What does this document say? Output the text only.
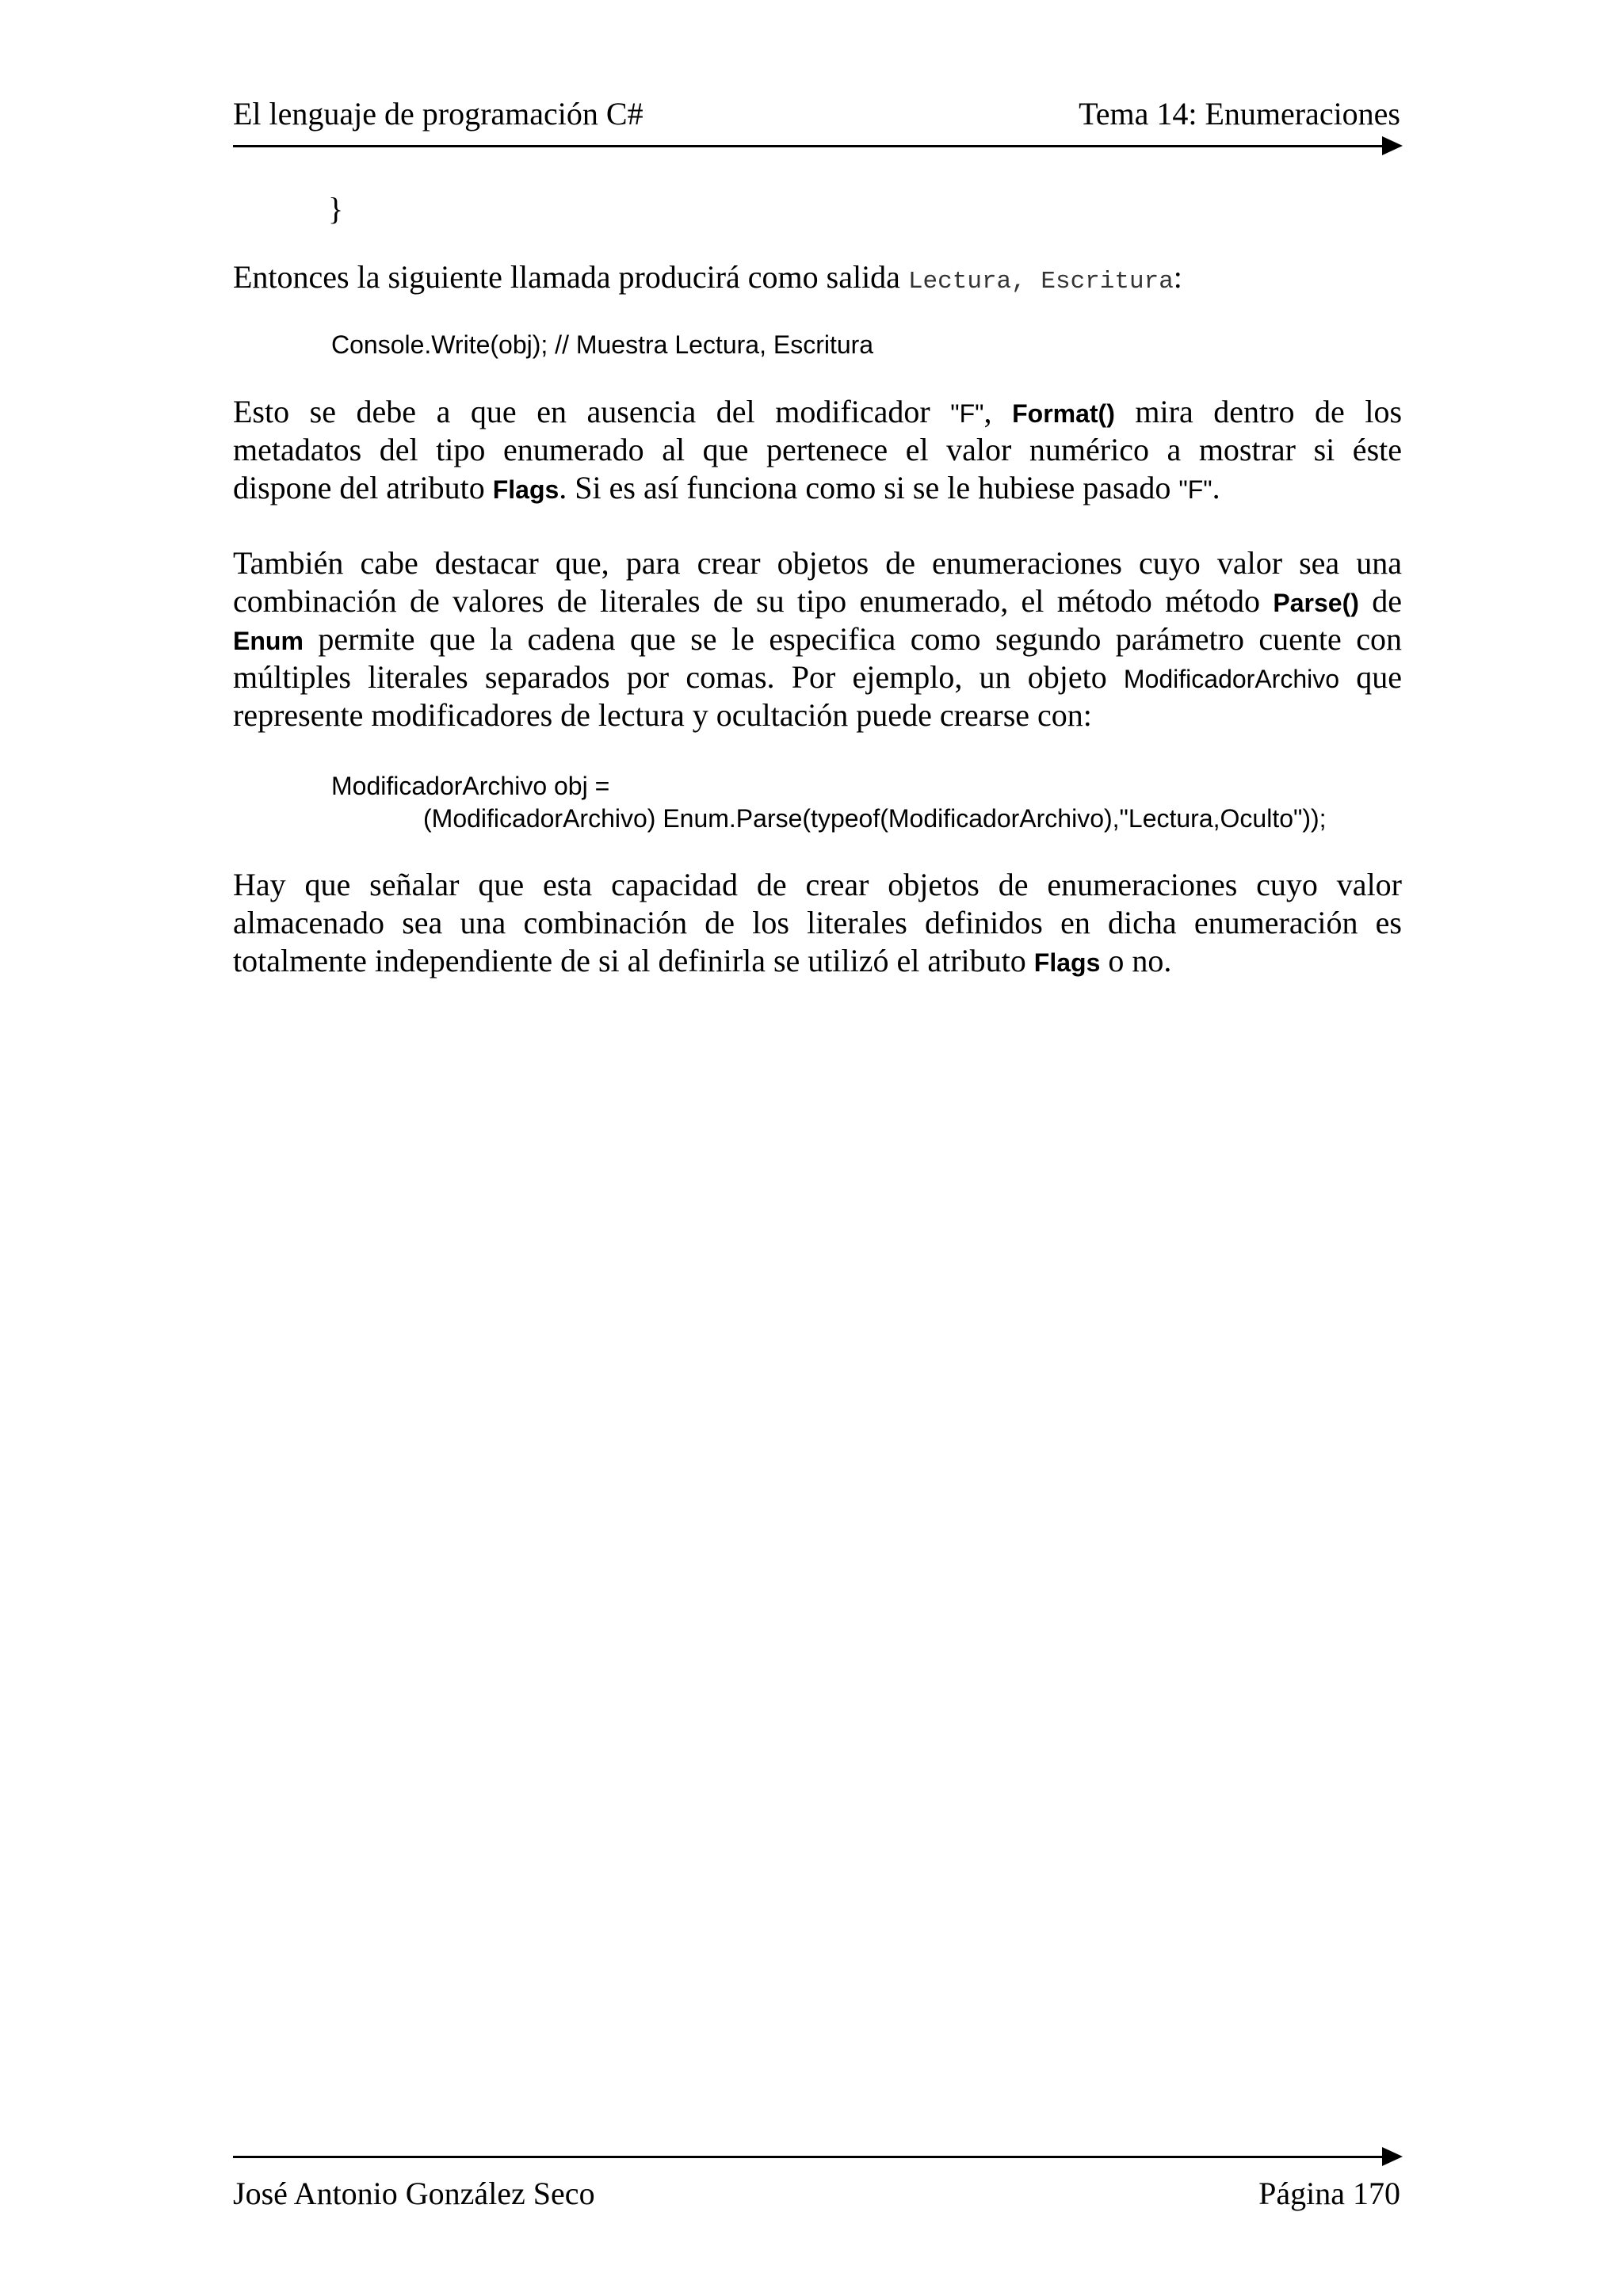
El lenguaje de programación C#	Tema 14: Enumeraciones
}
Entonces la siguiente llamada producirá como salida Lectura, Escritura:
Console.Write(obj); // Muestra Lectura, Escritura
Esto se debe a que en ausencia del modificador "F", Format() mira dentro de los
metadatos del tipo enumerado al que pertenece el valor numérico a mostrar si éste
dispone del atributo Flags. Si es así funciona como si se le hubiese pasado "F".
También cabe destacar que, para crear objetos de enumeraciones cuyo valor sea una
combinación de valores de literales de su tipo enumerado, el método método Parse() de
Enum permite que la cadena que se le especifica como segundo parámetro cuente con
múltiples literales separados por comas. Por ejemplo, un objeto ModificadorArchivo que
represente modificadores de lectura y ocultación puede crearse con:
ModificadorArchivo obj =
(ModificadorArchivo) Enum.Parse(typeof(ModificadorArchivo),"Lectura,Oculto"));
Hay que señalar que esta capacidad de crear objetos de enumeraciones cuyo valor
almacenado sea una combinación de los literales definidos en dicha enumeración es
totalmente independiente de si al definirla se utilizó el atributo Flags o no.
José Antonio González Seco	Página 170
